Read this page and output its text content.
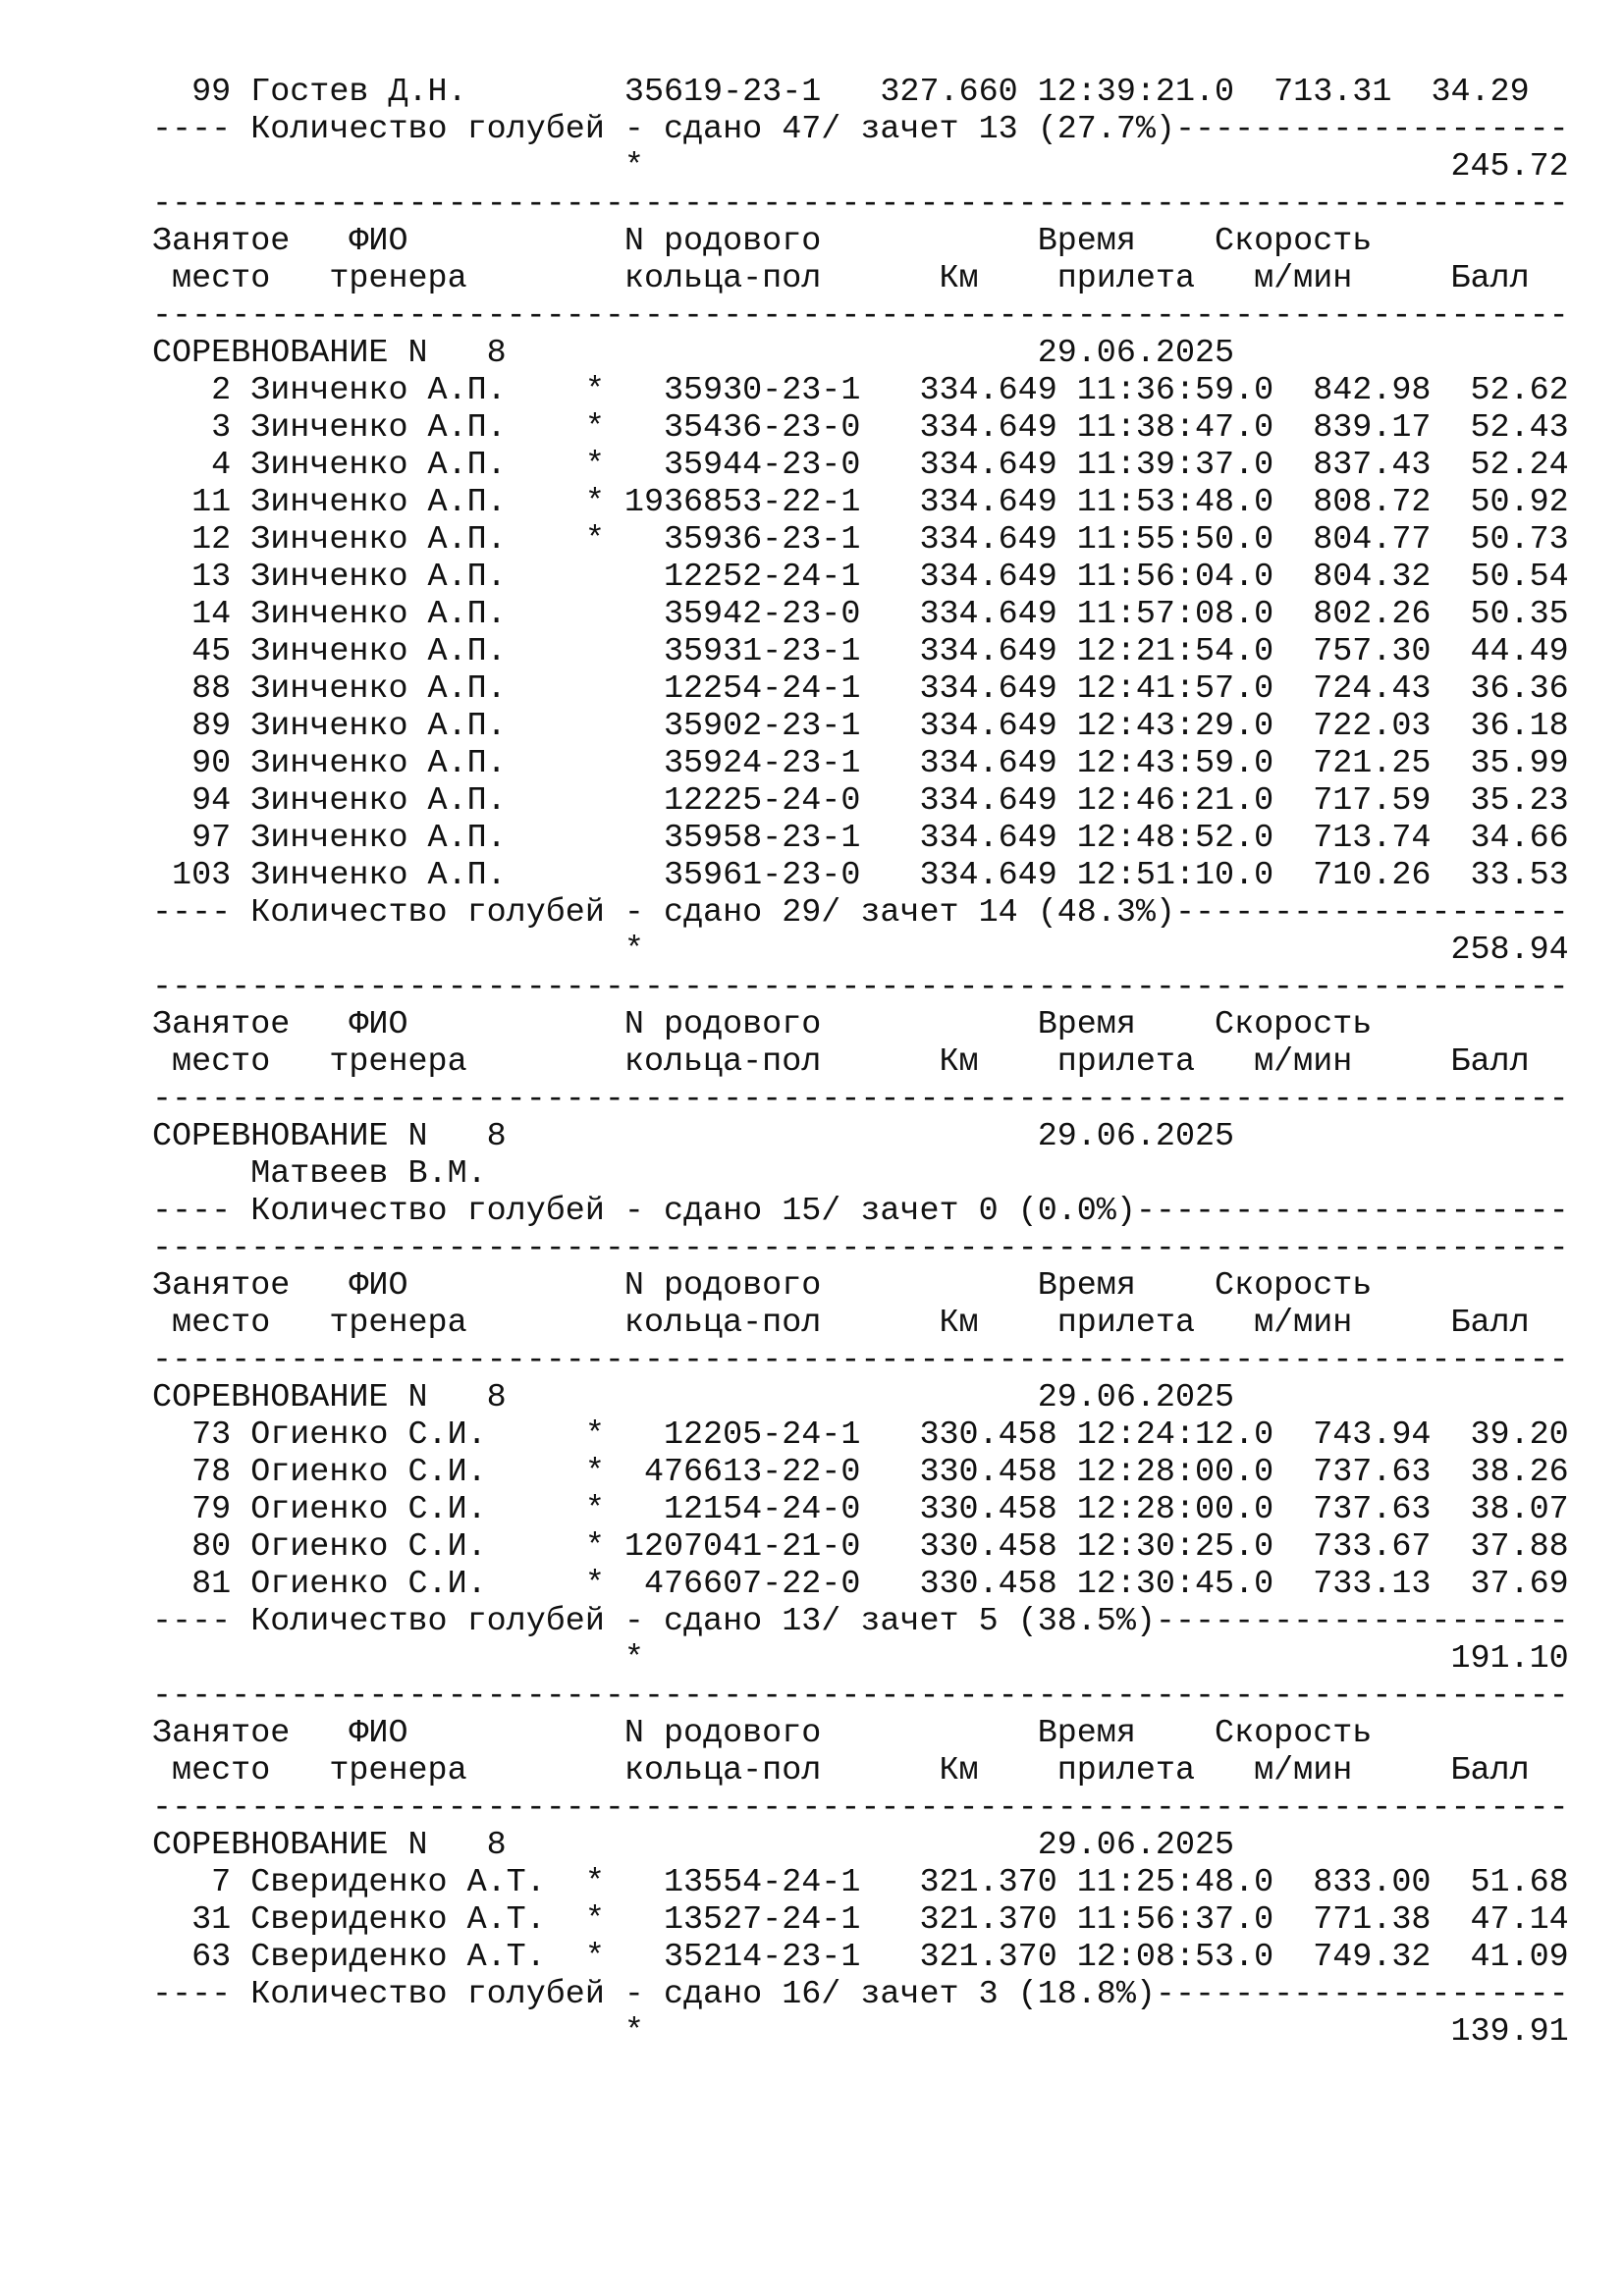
99 Гостев Д.Н.        35619-23-1   327.660 12:39:21.0  713.31  34.29
---- Количество голубей - сдано 47/ зачет 13 (27.7%)--------------------
*                                         245.72
------------------------------------------------------------------------
Занятое   ФИО           N родового           Время    Скорость
место   тренера        кольца-пол      Км    прилета   м/мин     Балл
------------------------------------------------------------------------
СОРЕВНОВАНИЕ N   8                           29.06.2025
2 Зинченко А.П.    *   35930-23-1   334.649 11:36:59.0  842.98  52.62
3 Зинченко А.П.    *   35436-23-0   334.649 11:38:47.0  839.17  52.43
4 Зинченко А.П.    *   35944-23-0   334.649 11:39:37.0  837.43  52.24
11 Зинченко А.П.    * 1936853-22-1   334.649 11:53:48.0  808.72  50.92
12 Зинченко А.П.    *   35936-23-1   334.649 11:55:50.0  804.77  50.73
13 Зинченко А.П.        12252-24-1   334.649 11:56:04.0  804.32  50.54
14 Зинченко А.П.        35942-23-0   334.649 11:57:08.0  802.26  50.35
45 Зинченко А.П.        35931-23-1   334.649 12:21:54.0  757.30  44.49
88 Зинченко А.П.        12254-24-1   334.649 12:41:57.0  724.43  36.36
89 Зинченко А.П.        35902-23-1   334.649 12:43:29.0  722.03  36.18
90 Зинченко А.П.        35924-23-1   334.649 12:43:59.0  721.25  35.99
94 Зинченко А.П.        12225-24-0   334.649 12:46:21.0  717.59  35.23
97 Зинченко А.П.        35958-23-1   334.649 12:48:52.0  713.74  34.66
103 Зинченко А.П.        35961-23-0   334.649 12:51:10.0  710.26  33.53
---- Количество голубей - сдано 29/ зачет 14 (48.3%)--------------------
*                                         258.94
------------------------------------------------------------------------
Занятое   ФИО           N родового           Время    Скорость
место   тренера        кольца-пол      Км    прилета   м/мин     Балл
------------------------------------------------------------------------
СОРЕВНОВАНИЕ N   8                           29.06.2025
Матвеев В.М.
---- Количество голубей - сдано 15/ зачет 0 (0.0%)----------------------
------------------------------------------------------------------------
Занятое   ФИО           N родового           Время    Скорость
место   тренера        кольца-пол      Км    прилета   м/мин     Балл
------------------------------------------------------------------------
СОРЕВНОВАНИЕ N   8                           29.06.2025
73 Огиенко С.И.     *   12205-24-1   330.458 12:24:12.0  743.94  39.20
78 Огиенко С.И.     *  476613-22-0   330.458 12:28:00.0  737.63  38.26
79 Огиенко С.И.     *   12154-24-0   330.458 12:28:00.0  737.63  38.07
80 Огиенко С.И.     * 1207041-21-0   330.458 12:30:25.0  733.67  37.88
81 Огиенко С.И.     *  476607-22-0   330.458 12:30:45.0  733.13  37.69
---- Количество голубей - сдано 13/ зачет 5 (38.5%)---------------------
*                                         191.10
------------------------------------------------------------------------
Занятое   ФИО           N родового           Время    Скорость
место   тренера        кольца-пол      Км    прилета   м/мин     Балл
------------------------------------------------------------------------
СОРЕВНОВАНИЕ N   8                           29.06.2025
7 Свериденко А.Т.  *   13554-24-1   321.370 11:25:48.0  833.00  51.68
31 Свериденко А.Т.  *   13527-24-1   321.370 11:56:37.0  771.38  47.14
63 Свериденко А.Т.  *   35214-23-1   321.370 12:08:53.0  749.32  41.09
---- Количество голубей - сдано 16/ зачет 3 (18.8%)---------------------
*                                         139.91
